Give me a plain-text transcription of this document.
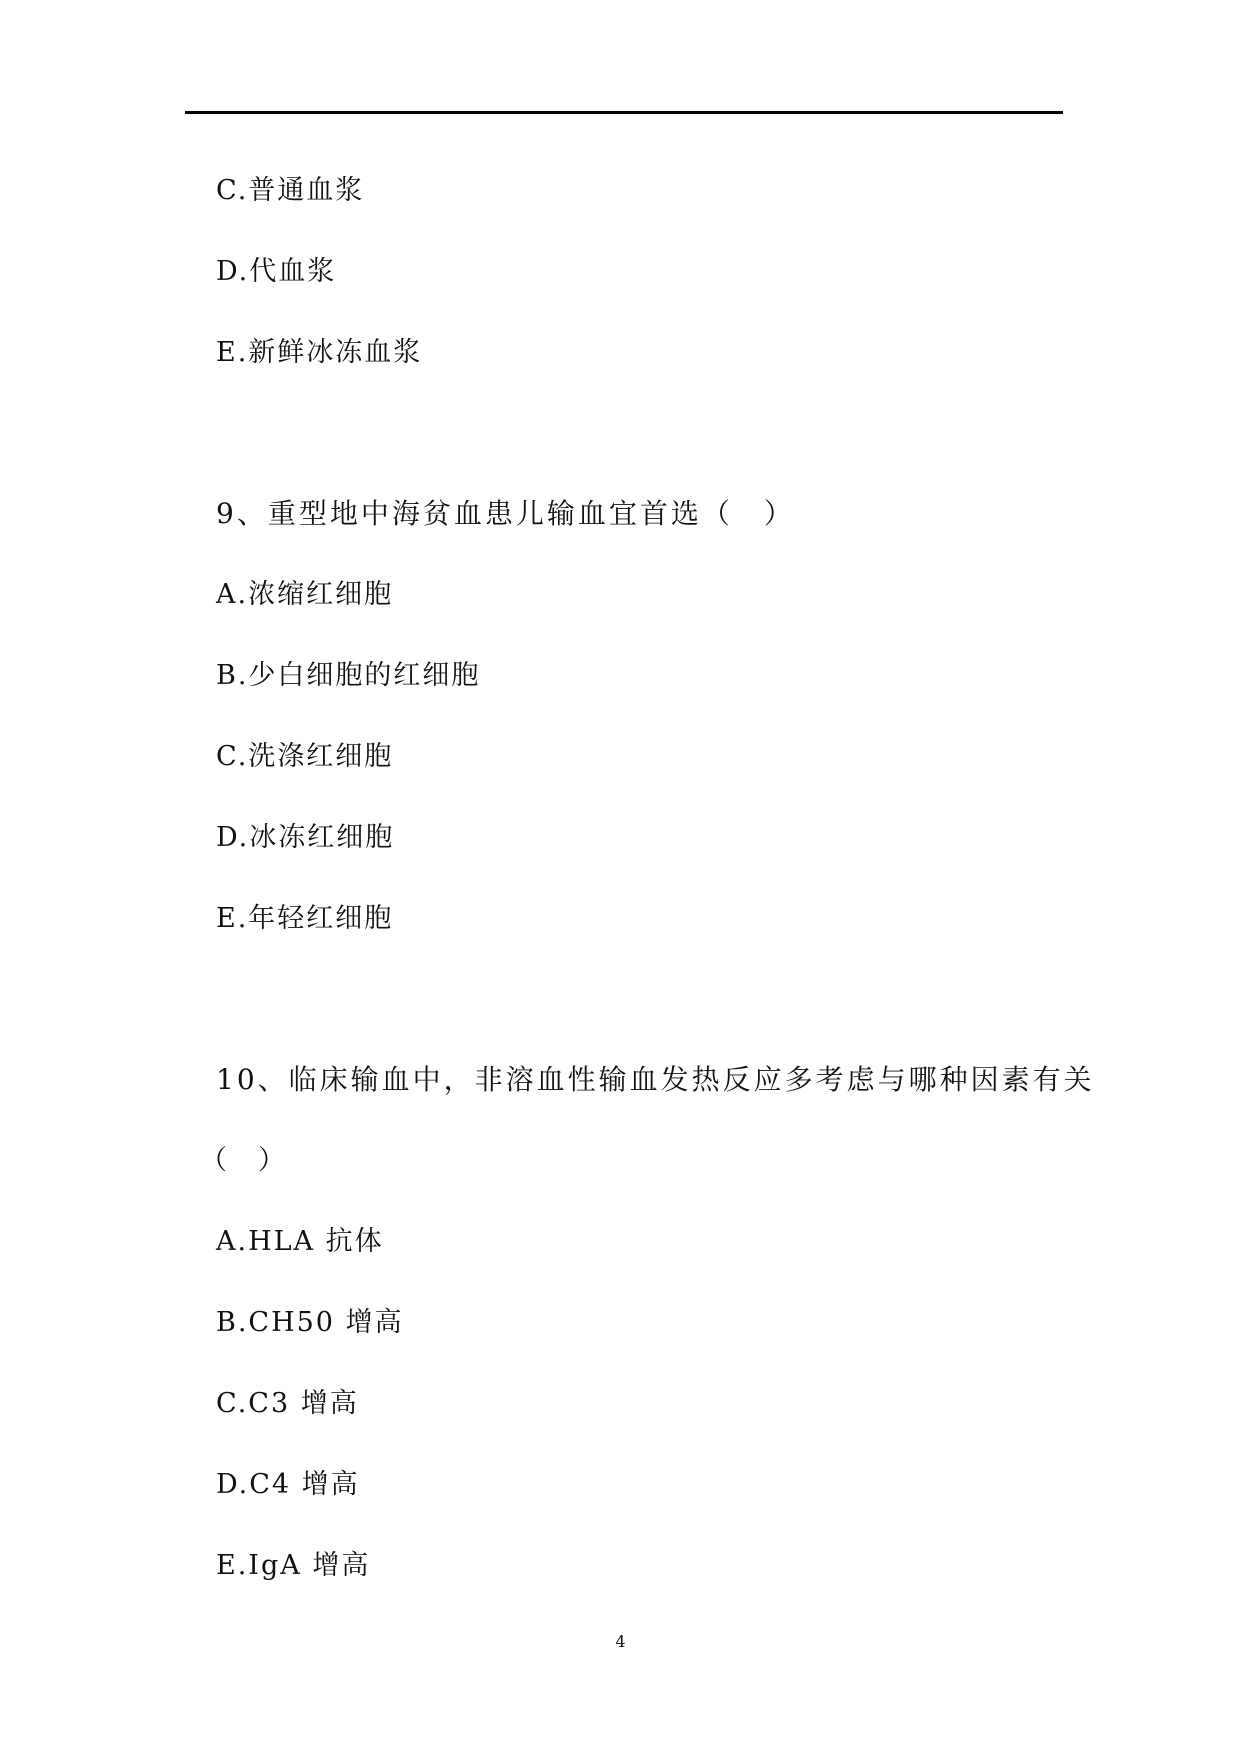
C.普通血浆
D.代血浆
E.新鲜冰冻血浆
9、重型地中海贫血患儿输血宜首选（　）
A.浓缩红细胞
B.少白细胞的红细胞
C.洗涤红细胞
D.冰冻红细胞
E.年轻红细胞
10、临床输血中，非溶血性输血发热反应多考虑与哪种因素有关
（　）
A.HLA 抗体
B.CH50 增高
C.C3 增高
D.C4 增高
E.IgA 增高
4
